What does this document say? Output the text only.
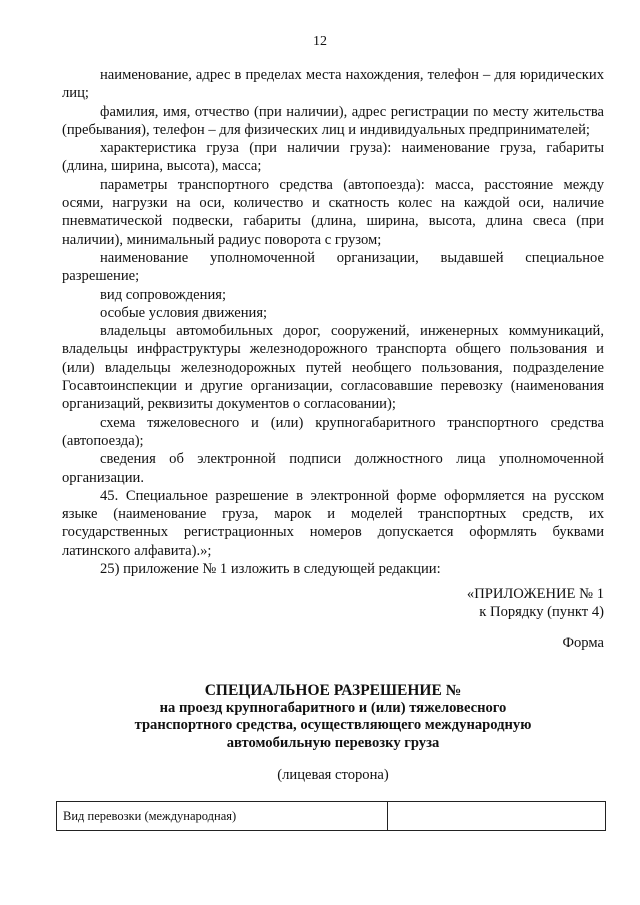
12

наименование, адрес в пределах места нахождения, телефон – для юридических лиц;

фамилия, имя, отчество (при наличии), адрес регистрации по месту жительства (пребывания), телефон – для физических лиц и индивидуальных предпринимателей;

характеристика груза (при наличии груза): наименование груза, габариты (длина, ширина, высота), масса;

параметры транспортного средства (автопоезда): масса, расстояние между осями, нагрузки на оси, количество и скатность колес на каждой оси, наличие пневматической подвески, габариты (длина, ширина, высота, длина свеса (при наличии), минимальный радиус поворота с грузом;

наименование уполномоченной организации, выдавшей специальное разрешение;

вид сопровождения;

особые условия движения;

владельцы автомобильных дорог, сооружений, инженерных коммуникаций, владельцы инфраструктуры железнодорожного транспорта общего пользования и (или) владельцы железнодорожных путей необщего пользования, подразделение Госавтоинспекции и другие организации, согласовавшие перевозку (наименования организаций, реквизиты документов о согласовании);

схема тяжеловесного и (или) крупногабаритного транспортного средства (автопоезда);

сведения об электронной подписи должностного лица уполномоченной организации.

45. Специальное разрешение в электронной форме оформляется на русском языке (наименование груза, марок и моделей транспортных средств, их государственных регистрационных номеров допускается оформлять буквами латинского алфавита).»;

25) приложение № 1 изложить в следующей редакции:

«ПРИЛОЖЕНИЕ № 1
к Порядку (пункт 4)
Форма
СПЕЦИАЛЬНОЕ РАЗРЕШЕНИЕ №
на проезд крупногабаритного и (или) тяжеловесного
транспортного средства, осуществляющего международную
автомобильную перевозку груза
(лицевая сторона)
Вид перевозки (международная)	
